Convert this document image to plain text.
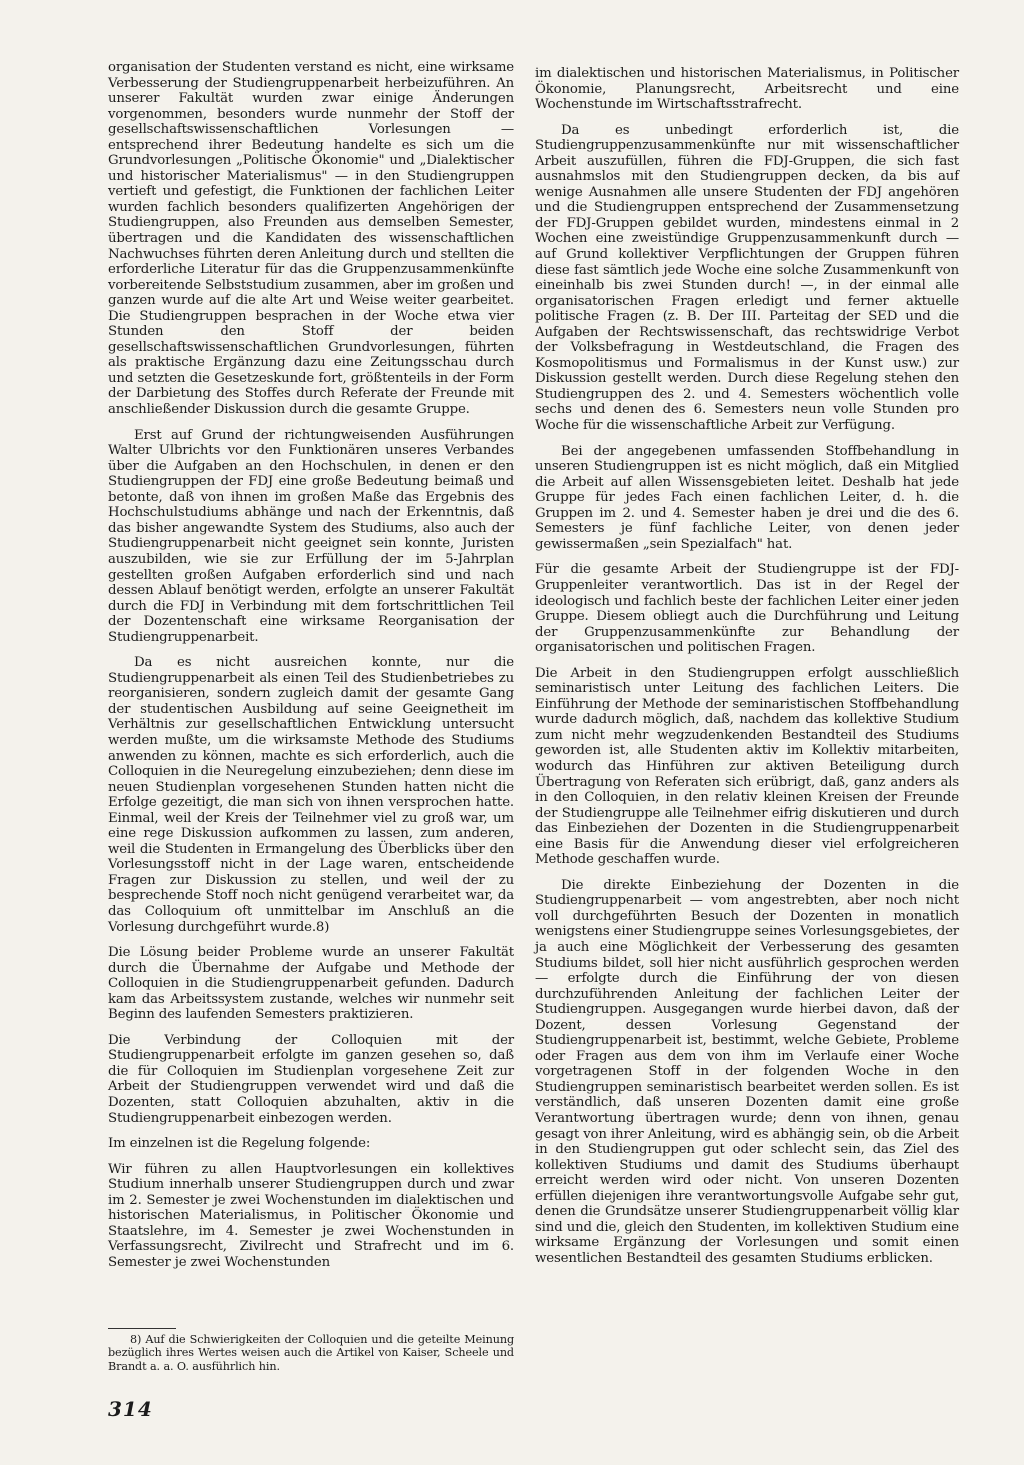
organisation der Studenten verstand es nicht, eine wirksame Verbesserung der Studiengruppenarbeit herbeizuführen. An unserer Fakultät wurden zwar einige Änderungen vorgenommen, besonders wurde nunmehr der Stoff der gesellschaftswissenschaftlichen Vorlesungen — entsprechend ihrer Bedeutung handelte es sich um die Grundvorlesungen „Politische Ökonomie" und „Dialektischer und historischer Materialismus" — in den Studiengruppen vertieft und gefestigt, die Funktionen der fachlichen Leiter wurden fachlich besonders qualifizerten Angehörigen der Studiengruppen, also Freunden aus demselben Semester, übertragen und die Kandidaten des wissenschaftlichen Nachwuchses führten deren Anleitung durch und stellten die erforderliche Literatur für das die Gruppenzusammenkünfte vorbereitende Selbststudium zusammen, aber im großen und ganzen wurde auf die alte Art und Weise weiter gearbeitet. Die Studiengruppen besprachen in der Woche etwa vier Stunden den Stoff der beiden gesellschaftswissenschaftlichen Grundvorlesungen, führten als praktische Ergänzung dazu eine Zeitungsschau durch und setzten die Gesetzeskunde fort, größtenteils in der Form der Darbietung des Stoffes durch Referate der Freunde mit anschließender Diskussion durch die gesamte Gruppe.

Erst auf Grund der richtungweisenden Ausführungen Walter Ulbrichts vor den Funktionären unseres Verbandes über die Aufgaben an den Hochschulen, in denen er den Studiengruppen der FDJ eine große Bedeutung beimaß und betonte, daß von ihnen im großen Maße das Ergebnis des Hochschulstudiums abhänge und nach der Erkenntnis, daß das bisher angewandte System des Studiums, also auch der Studiengruppenarbeit nicht geeignet sein konnte, Juristen auszubilden, wie sie zur Erfüllung der im 5-Jahrplan gestellten großen Aufgaben erforderlich sind und nach dessen Ablauf benötigt werden, erfolgte an unserer Fakultät durch die FDJ in Verbindung mit dem fortschrittlichen Teil der Dozentenschaft eine wirksame Reorganisation der Studiengruppenarbeit.

Da es nicht ausreichen konnte, nur die Studiengruppenarbeit als einen Teil des Studienbetriebes zu reorganisieren, sondern zugleich damit der gesamte Gang der studentischen Ausbildung auf seine Geeignetheit im Verhältnis zur gesellschaftlichen Entwicklung untersucht werden mußte, um die wirksamste Methode des Studiums anwenden zu können, machte es sich erforderlich, auch die Colloquien in die Neuregelung einzubeziehen; denn diese im neuen Studienplan vorgesehenen Stunden hatten nicht die Erfolge gezeitigt, die man sich von ihnen versprochen hatte. Einmal, weil der Kreis der Teilnehmer viel zu groß war, um eine rege Diskussion aufkommen zu lassen, zum anderen, weil die Studenten in Ermangelung des Überblicks über den Vorlesungsstoff nicht in der Lage waren, entscheidende Fragen zur Diskussion zu stellen, und weil der zu besprechende Stoff noch nicht genügend verarbeitet war, da das Colloquium oft unmittelbar im Anschluß an die Vorlesung durchgeführt wurde.8)

Die Lösung beider Probleme wurde an unserer Fakultät durch die Übernahme der Aufgabe und Methode der Colloquien in die Studiengruppenarbeit gefunden. Dadurch kam das Arbeitssystem zustande, welches wir nunmehr seit Beginn des laufenden Semesters praktizieren.

Die Verbindung der Colloquien mit der Studiengruppenarbeit erfolgte im ganzen gesehen so, daß die für Colloquien im Studienplan vorgesehene Zeit zur Arbeit der Studiengruppen verwendet wird und daß die Dozenten, statt Colloquien abzuhalten, aktiv in die Studiengruppenarbeit einbezogen werden.

Im einzelnen ist die Regelung folgende:

Wir führen zu allen Hauptvorlesungen ein kollektives Studium innerhalb unserer Studiengruppen durch und zwar im 2. Semester je zwei Wochenstunden im dialektischen und historischen Materialismus, in Politischer Ökonomie und Staatslehre, im 4. Semester je zwei Wochenstunden in Verfassungsrecht, Zivilrecht und Strafrecht und im 6. Semester je zwei Wochenstunden

im dialektischen und historischen Materialismus, in Politischer Ökonomie, Planungsrecht, Arbeitsrecht und eine Wochenstunde im Wirtschaftsstrafrecht.

Da es unbedingt erforderlich ist, die Studiengruppenzusammenkünfte nur mit wissenschaftlicher Arbeit auszufüllen, führen die FDJ-Gruppen, die sich fast ausnahmslos mit den Studiengruppen decken, da bis auf wenige Ausnahmen alle unsere Studenten der FDJ angehören und die Studiengruppen entsprechend der Zusammensetzung der FDJ-Gruppen gebildet wurden, mindestens einmal in 2 Wochen eine zweistündige Gruppenzusammenkunft durch — auf Grund kollektiver Verpflichtungen der Gruppen führen diese fast sämtlich jede Woche eine solche Zusammenkunft von eineinhalb bis zwei Stunden durch! —, in der einmal alle organisatorischen Fragen erledigt und ferner aktuelle politische Fragen (z. B. Der III. Parteitag der SED und die Aufgaben der Rechtswissenschaft, das rechtswidrige Verbot der Volksbefragung in Westdeutschland, die Fragen des Kosmopolitismus und Formalismus in der Kunst usw.) zur Diskussion gestellt werden. Durch diese Regelung stehen den Studiengruppen des 2. und 4. Semesters wöchentlich volle sechs und denen des 6. Semesters neun volle Stunden pro Woche für die wissenschaftliche Arbeit zur Verfügung.

Bei der angegebenen umfassenden Stoffbehandlung in unseren Studiengruppen ist es nicht möglich, daß ein Mitglied die Arbeit auf allen Wissensgebieten leitet. Deshalb hat jede Gruppe für jedes Fach einen fachlichen Leiter, d. h. die Gruppen im 2. und 4. Semester haben je drei und die des 6. Semesters je fünf fachliche Leiter, von denen jeder gewissermaßen „sein Spezialfach" hat.

Für die gesamte Arbeit der Studiengruppe ist der FDJ-Gruppenleiter verantwortlich. Das ist in der Regel der ideologisch und fachlich beste der fachlichen Leiter einer jeden Gruppe. Diesem obliegt auch die Durchführung und Leitung der Gruppenzusammenkünfte zur Behandlung der organisatorischen und politischen Fragen.

Die Arbeit in den Studiengruppen erfolgt ausschließlich seminaristisch unter Leitung des fachlichen Leiters. Die Einführung der Methode der seminaristischen Stoffbehandlung wurde dadurch möglich, daß, nachdem das kollektive Studium zum nicht mehr wegzudenkenden Bestandteil des Studiums geworden ist, alle Studenten aktiv im Kollektiv mitarbeiten, wodurch das Hinführen zur aktiven Beteiligung durch Übertragung von Referaten sich erübrigt, daß, ganz anders als in den Colloquien, in den relativ kleinen Kreisen der Freunde der Studiengruppe alle Teilnehmer eifrig diskutieren und durch das Einbeziehen der Dozenten in die Studiengruppenarbeit eine Basis für die Anwendung dieser viel erfolgreicheren Methode geschaffen wurde.

Die direkte Einbeziehung der Dozenten in die Studiengruppenarbeit — vom angestrebten, aber noch nicht voll durchgeführten Besuch der Dozenten in monatlich wenigstens einer Studiengruppe seines Vorlesungsgebietes, der ja auch eine Möglichkeit der Verbesserung des gesamten Studiums bildet, soll hier nicht ausführlich gesprochen werden — erfolgte durch die Einführung der von diesen durchzuführenden Anleitung der fachlichen Leiter der Studiengruppen. Ausgegangen wurde hierbei davon, daß der Dozent, dessen Vorlesung Gegenstand der Studiengruppenarbeit ist, bestimmt, welche Gebiete, Probleme oder Fragen aus dem von ihm im Verlaufe einer Woche vorgetragenen Stoff in der folgenden Woche in den Studiengruppen seminaristisch bearbeitet werden sollen. Es ist verständlich, daß unseren Dozenten damit eine große Verantwortung übertragen wurde; denn von ihnen, genau gesagt von ihrer Anleitung, wird es abhängig sein, ob die Arbeit in den Studiengruppen gut oder schlecht sein, das Ziel des kollektiven Studiums und damit des Studiums überhaupt erreicht werden wird oder nicht. Von unseren Dozenten erfüllen diejenigen ihre verantwortungsvolle Aufgabe sehr gut, denen die Grundsätze unserer Studiengruppenarbeit völlig klar sind und die, gleich den Studenten, im kollektiven Studium eine wirksame Ergänzung der Vorlesungen und somit einen wesentlichen Bestandteil des gesamten Studiums erblicken.

8) Auf die Schwierigkeiten der Colloquien und die geteilte Meinung bezüglich ihres Wertes weisen auch die Artikel von Kaiser, Scheele und Brandt a. a. O. ausführlich hin.

314
